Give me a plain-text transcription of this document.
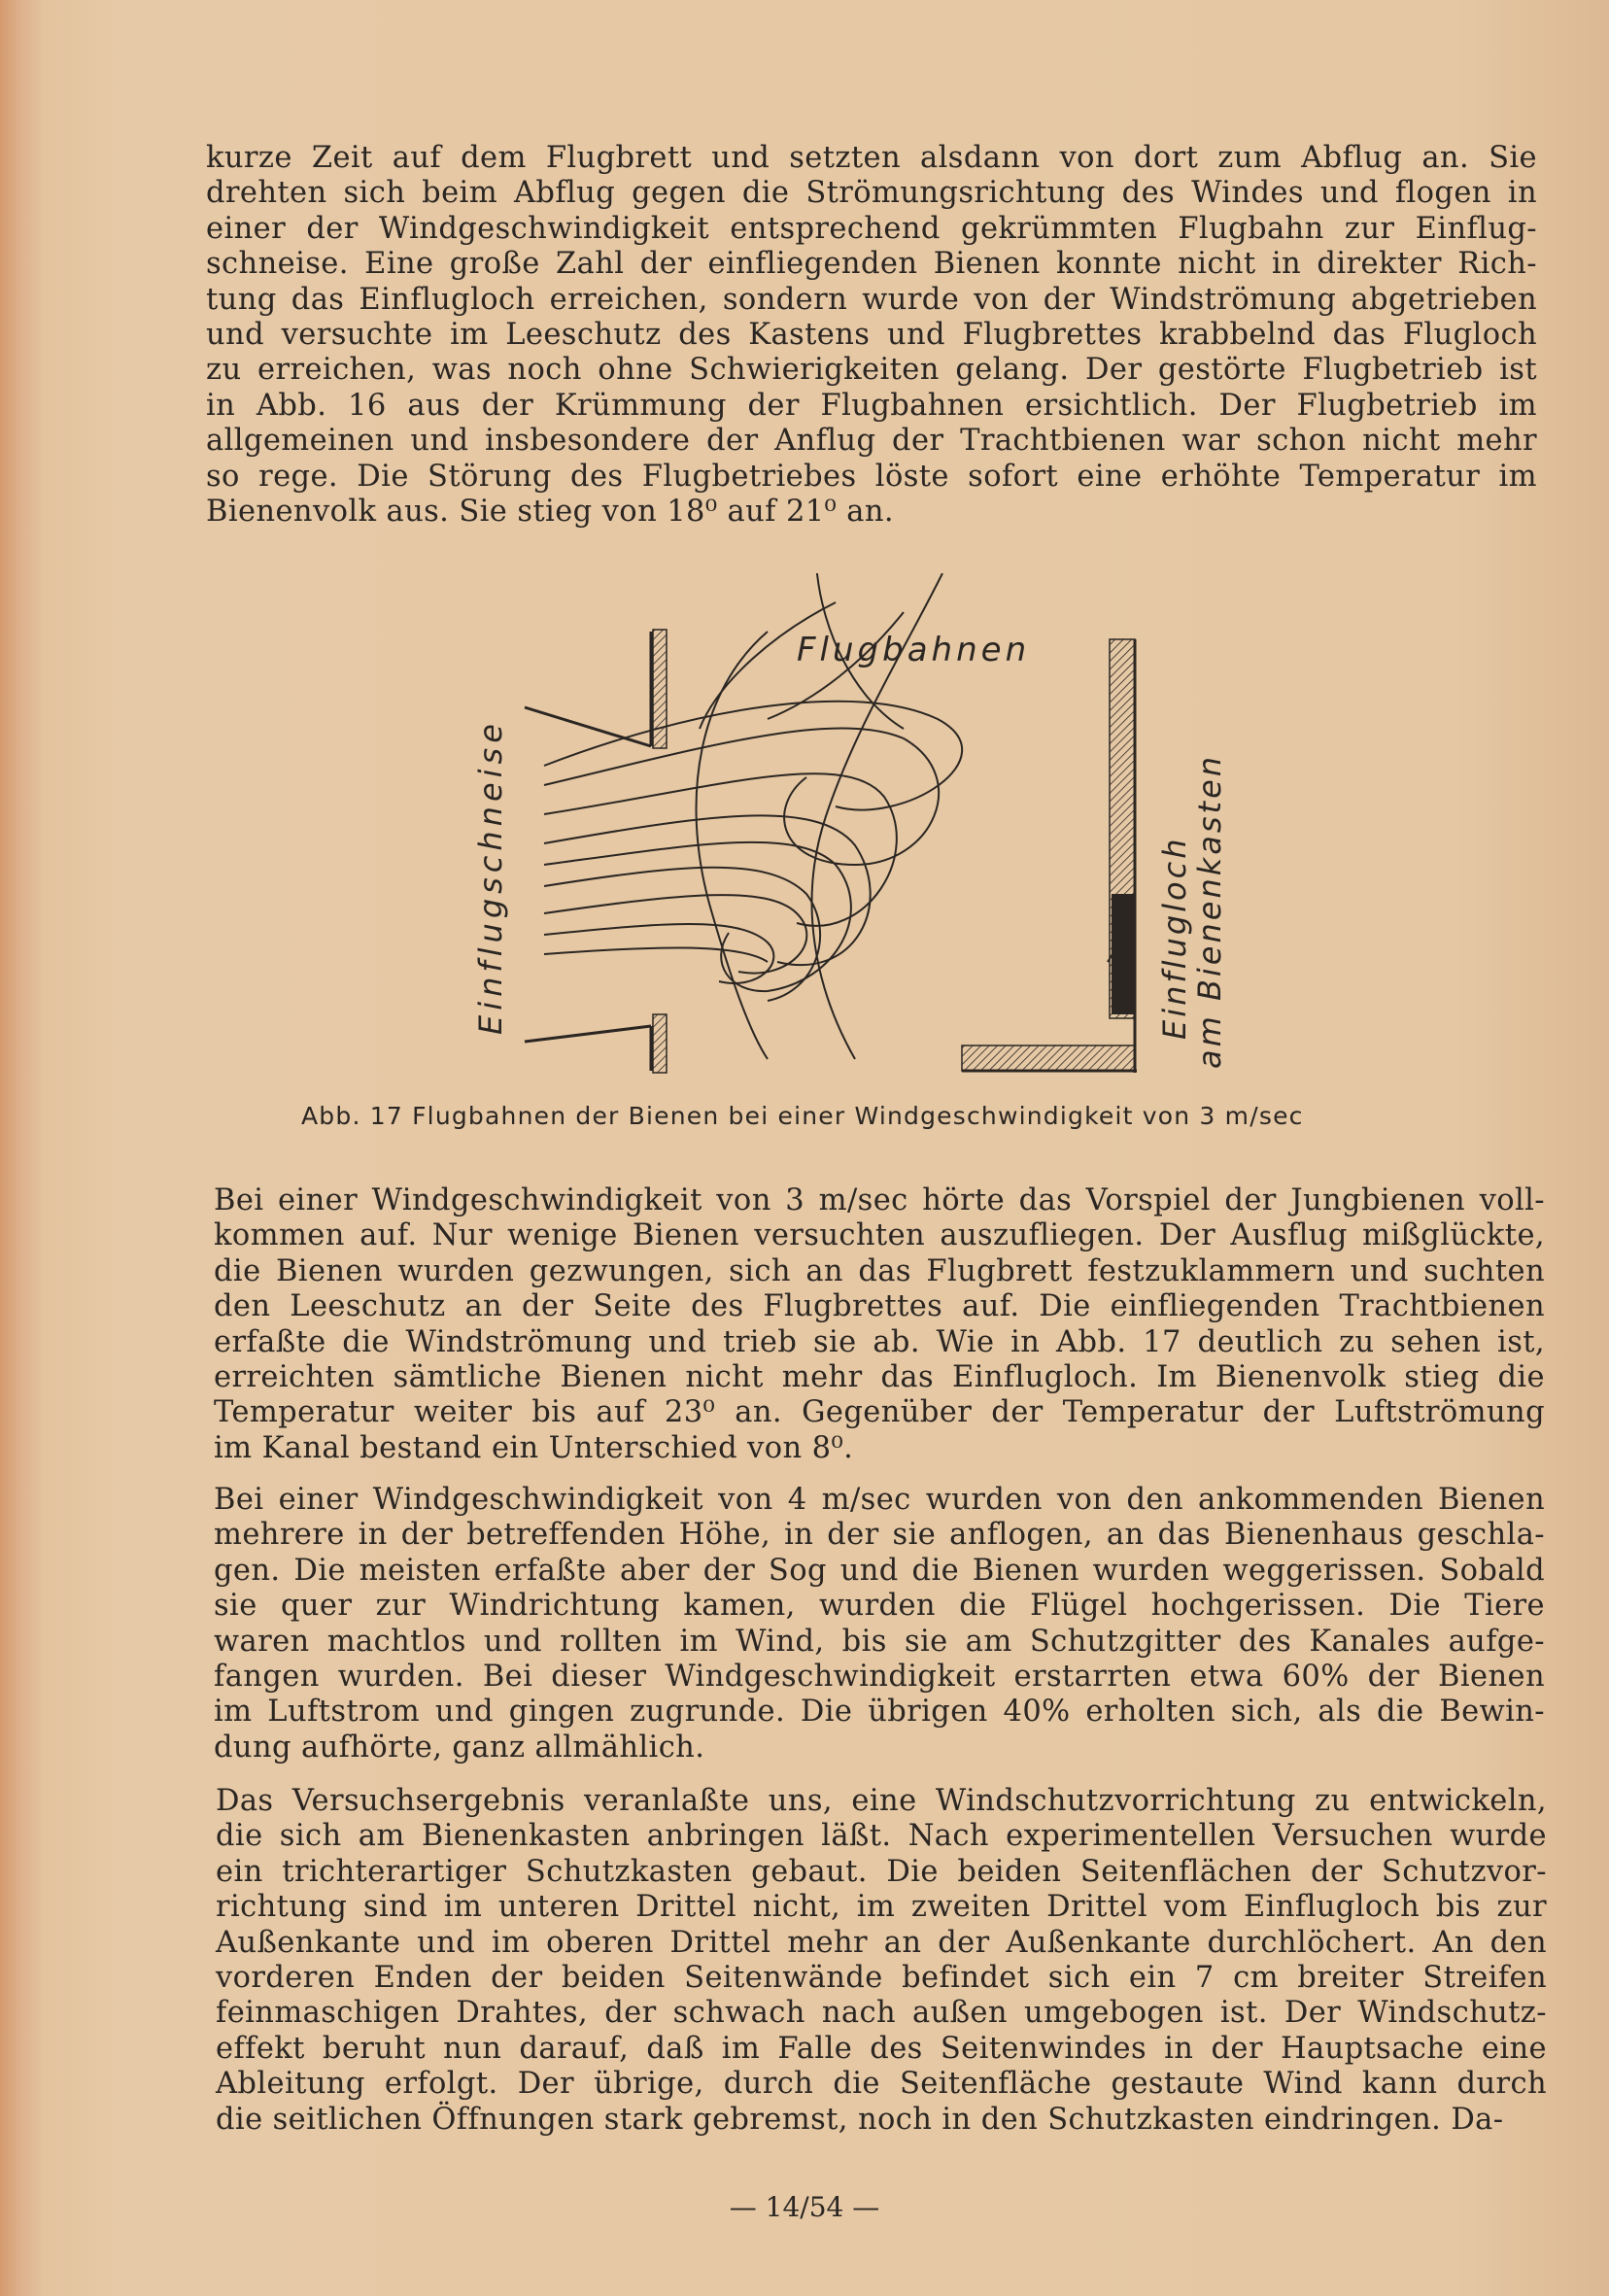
kurze Zeit auf dem Flugbrett und setzten alsdann von dort zum Abflug an. Sie
drehten sich beim Abflug gegen die Strömungsrichtung des Windes und flogen in
einer der Windgeschwindigkeit entsprechend gekrümmten Flugbahn zur Einflug-
schneise. Eine große Zahl der einfliegenden Bienen konnte nicht in direkter Rich-
tung das Einflugloch erreichen, sondern wurde von der Windströmung abgetrieben
und versuchte im Leeschutz des Kastens und Flugbrettes krabbelnd das Flugloch
zu erreichen, was noch ohne Schwierigkeiten gelang. Der gestörte Flugbetrieb ist
in Abb. 16 aus der Krümmung der Flugbahnen ersichtlich. Der Flugbetrieb im
allgemeinen und insbesondere der Anflug der Trachtbienen war schon nicht mehr
so rege. Die Störung des Flugbetriebes löste sofort eine erhöhte Temperatur im
Bienenvolk aus. Sie stieg von 18⁰ auf 21⁰ an.
Flugbahnen
Einflugschneise	Einflugloch
am Bienenkasten
Abb. 17 Flugbahnen der Bienen bei einer Windgeschwindigkeit von 3 m/sec
Bei einer Windgeschwindigkeit von 3 m/sec hörte das Vorspiel der Jungbienen voll-
kommen auf. Nur wenige Bienen versuchten auszufliegen. Der Ausflug mißglückte,
die Bienen wurden gezwungen, sich an das Flugbrett festzuklammern und suchten
den Leeschutz an der Seite des Flugbrettes auf. Die einfliegenden Trachtbienen
erfaßte die Windströmung und trieb sie ab. Wie in Abb. 17 deutlich zu sehen ist,
erreichten sämtliche Bienen nicht mehr das Einflugloch. Im Bienenvolk stieg die
Temperatur weiter bis auf 23⁰ an. Gegenüber der Temperatur der Luftströmung
im Kanal bestand ein Unterschied von 8⁰.
Bei einer Windgeschwindigkeit von 4 m/sec wurden von den ankommenden Bienen
mehrere in der betreffenden Höhe, in der sie anflogen, an das Bienenhaus geschla-
gen. Die meisten erfaßte aber der Sog und die Bienen wurden weggerissen. Sobald
sie quer zur Windrichtung kamen, wurden die Flügel hochgerissen. Die Tiere
waren machtlos und rollten im Wind, bis sie am Schutzgitter des Kanales aufge-
fangen wurden. Bei dieser Windgeschwindigkeit erstarrten etwa 60% der Bienen
im Luftstrom und gingen zugrunde. Die übrigen 40% erholten sich, als die Bewin-
dung aufhörte, ganz allmählich.
Das Versuchsergebnis veranlaßte uns, eine Windschutzvorrichtung zu entwickeln,
die sich am Bienenkasten anbringen läßt. Nach experimentellen Versuchen wurde
ein trichterartiger Schutzkasten gebaut. Die beiden Seitenflächen der Schutzvor-
richtung sind im unteren Drittel nicht, im zweiten Drittel vom Einflugloch bis zur
Außenkante und im oberen Drittel mehr an der Außenkante durchlöchert. An den
vorderen Enden der beiden Seitenwände befindet sich ein 7 cm breiter Streifen
feinmaschigen Drahtes, der schwach nach außen umgebogen ist. Der Windschutz-
effekt beruht nun darauf, daß im Falle des Seitenwindes in der Hauptsache eine
Ableitung erfolgt. Der übrige, durch die Seitenfläche gestaute Wind kann durch
die seitlichen Öffnungen stark gebremst, noch in den Schutzkasten eindringen. Da-
— 14/54 —
